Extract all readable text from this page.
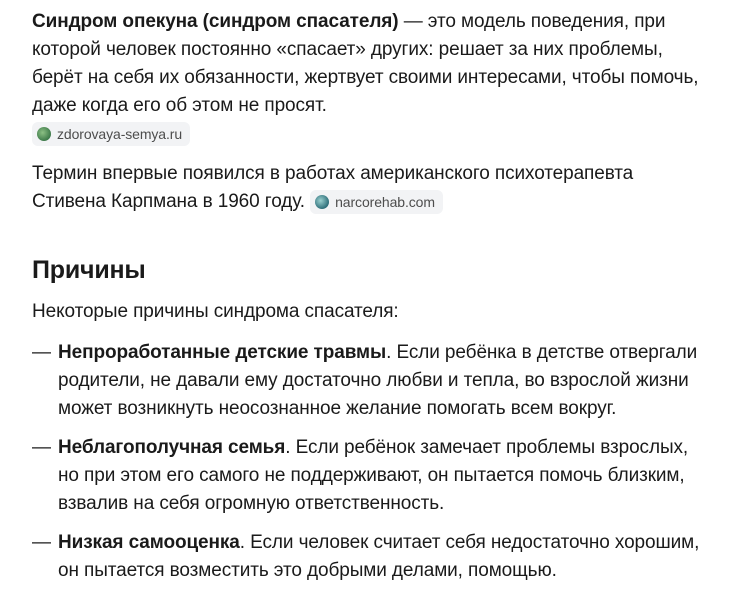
Синдром опекуна (синдром спасателя) — это модель поведения, при которой человек постоянно «спасает» других: решает за них проблемы, берёт на себя их обязанности, жертвует своими интересами, чтобы помочь, даже когда его об этом не просят.

zdorovaya-semya.ru

Термин впервые появился в работах американского психотерапевта Стивена Карпмана в 1960 году. narcorehab.com

Причины

Некоторые причины синдрома спасателя:

— Непроработанные детские травмы. Если ребёнка в детстве отвергали родители, не давали ему достаточно любви и тепла, во взрослой жизни может возникнуть неосознанное желание помогать всем вокруг.

— Неблагополучная семья. Если ребёнок замечает проблемы взрослых, но при этом его самого не поддерживают, он пытается помочь близким, взвалив на себя огромную ответственность.

— Низкая самооценка. Если человек считает себя недостаточно хорошим, он пытается возместить это добрыми делами, помощью.
